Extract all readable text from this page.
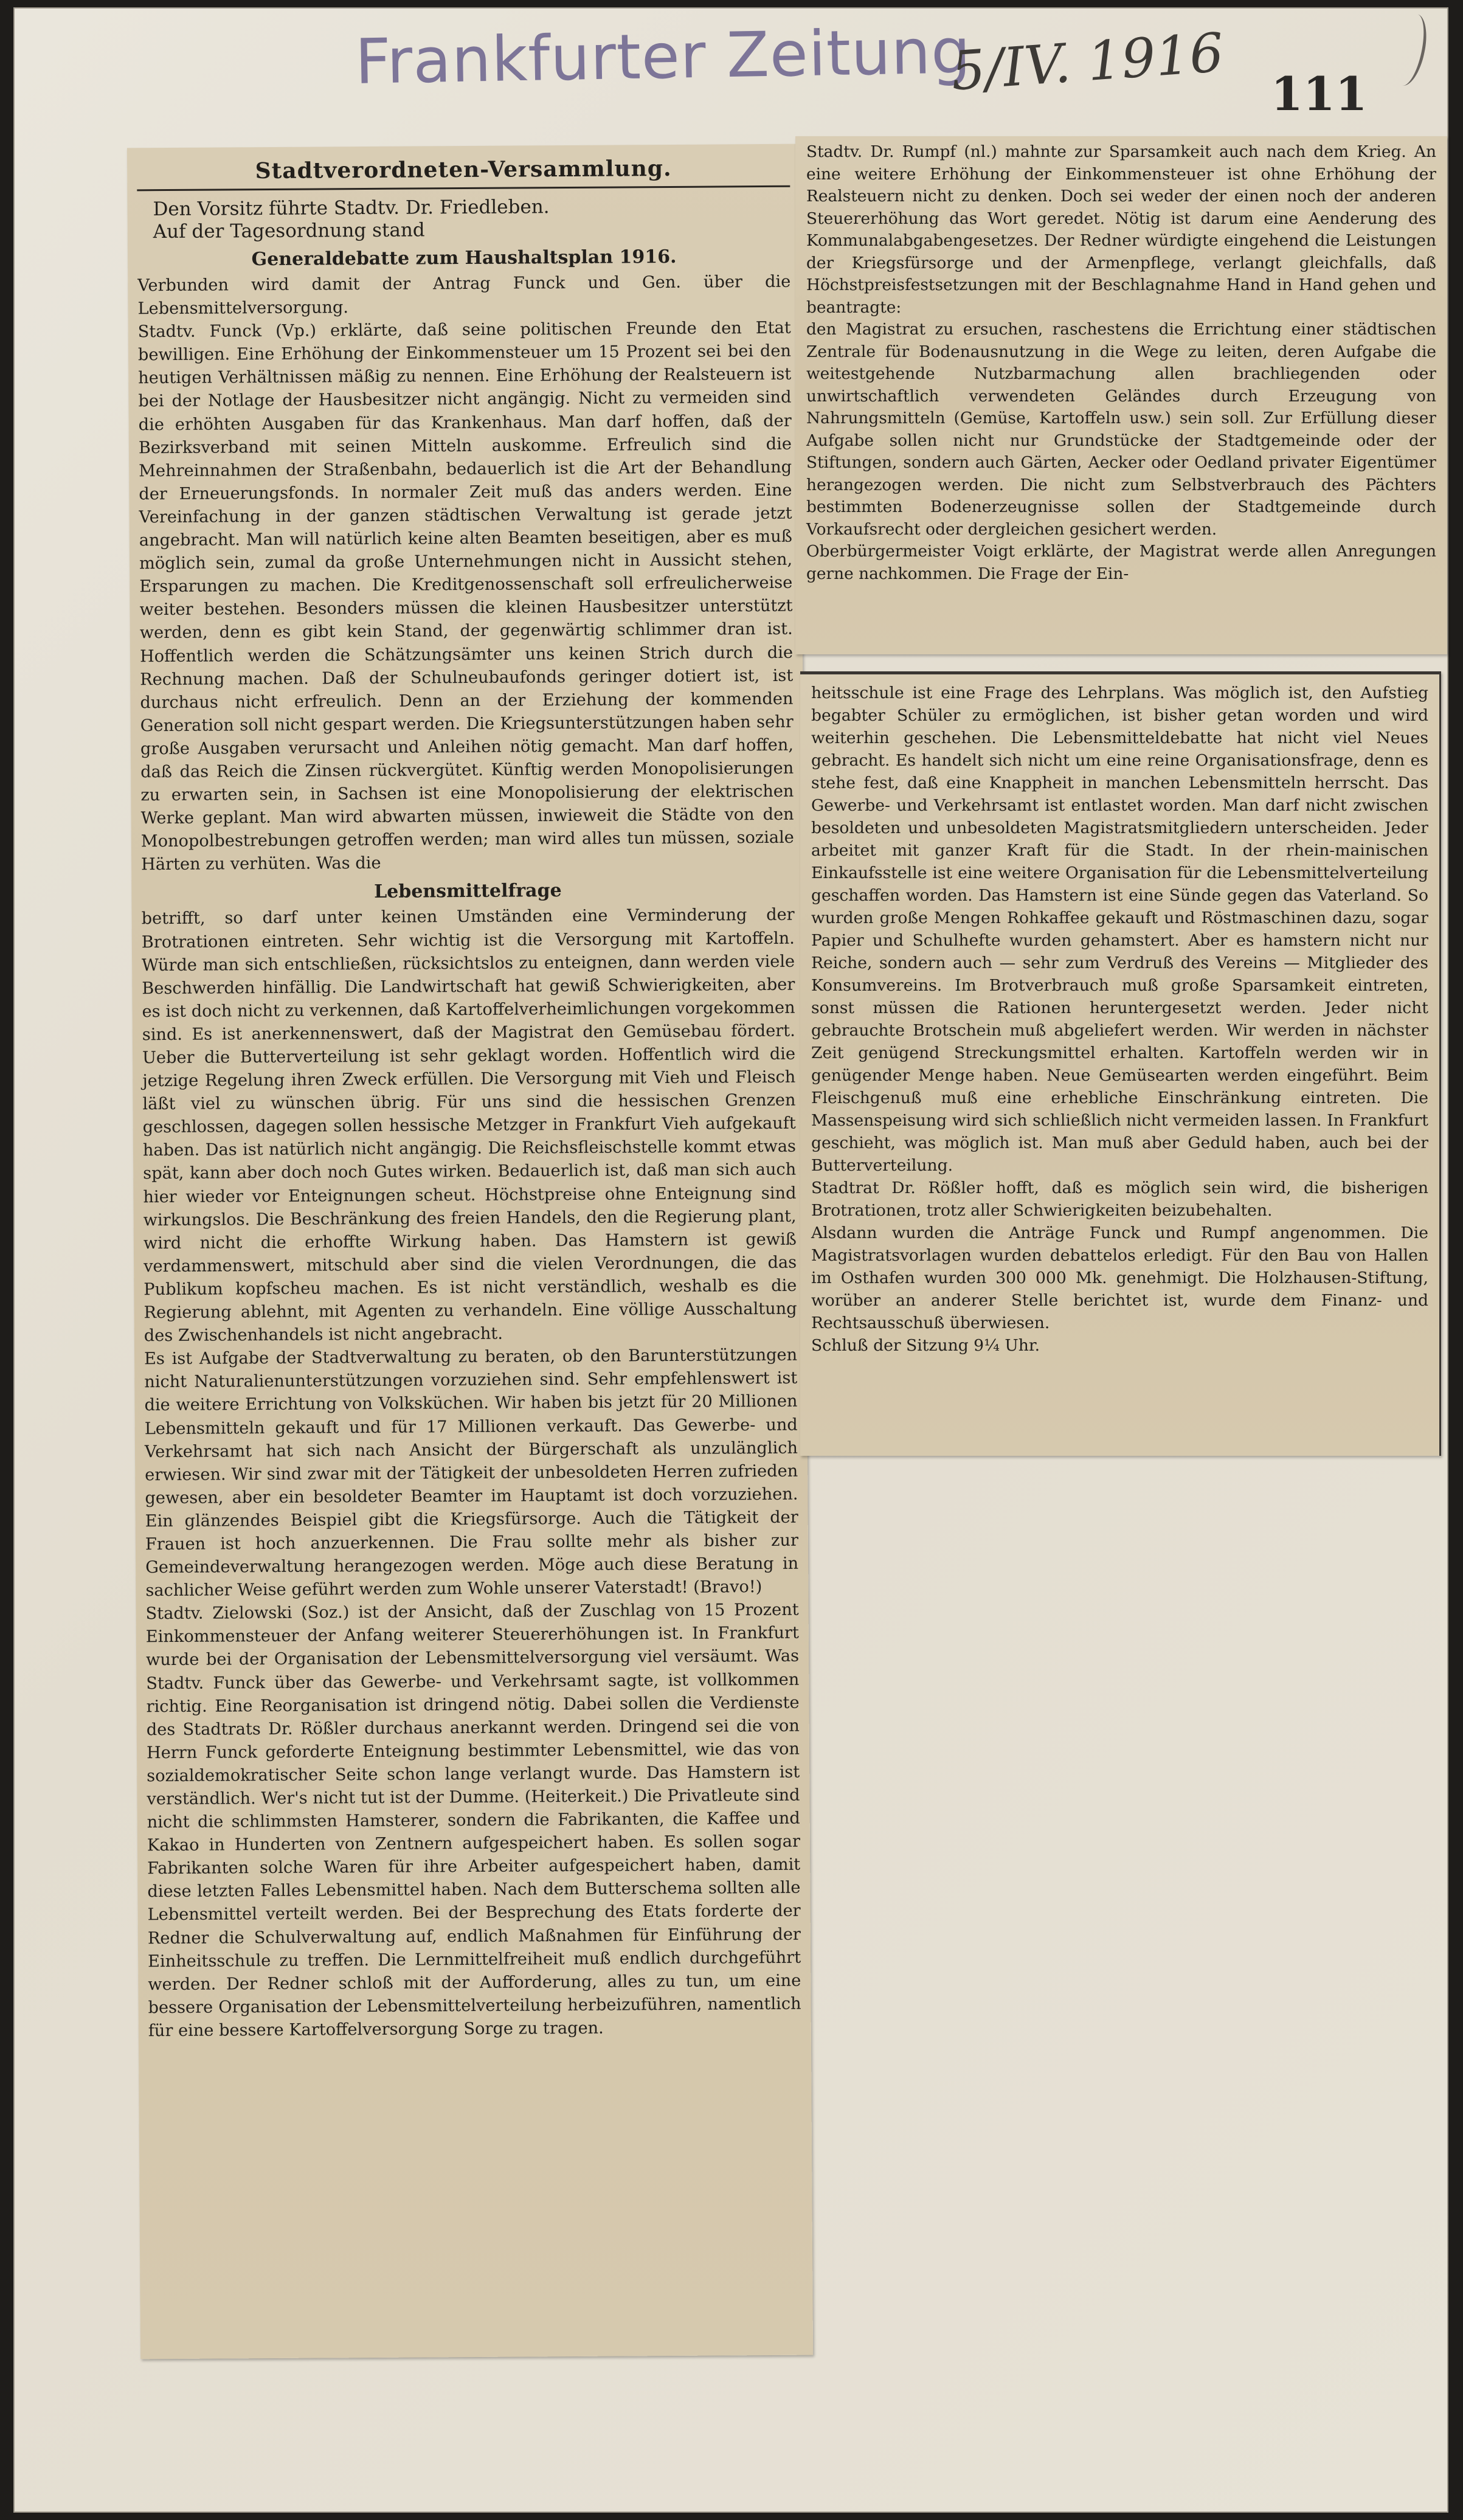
Frankfurter Zeitung
5/IV. 1916 111
Stadtverordneten-Versammlung.

Den Vorsitz führte Stadtv. Dr. Friedleben.

Auf der Tagesordnung stand

Generaldebatte zum Haushaltsplan 1916.

Verbunden wird damit der Antrag Funck und Gen. über die Lebensmittelversorgung.
Stadtv. Funck (Vp.) erklärte, daß seine politischen Freunde den Etat bewilligen. Eine Erhöhung der Einkommensteuer um 15 Prozent sei bei den heutigen Verhältnissen mäßig zu nennen. Eine Erhöhung der Realsteuern ist bei der Notlage der Hausbesitzer nicht angängig. Nicht zu vermeiden sind die erhöhten Ausgaben für das Krankenhaus. Man darf hoffen, daß der Bezirksverband mit seinen Mitteln auskomme. Erfreulich sind die Mehreinnahmen der Straßenbahn, bedauerlich ist die Art der Behandlung der Erneuerungsfonds. In normaler Zeit muß das anders werden. Eine Vereinfachung in der ganzen städtischen Verwaltung ist gerade jetzt angebracht. Man will natürlich keine alten Beamten beseitigen, aber es muß möglich sein, zumal da große Unternehmungen nicht in Aussicht stehen, Ersparungen zu machen. Die Kreditgenossenschaft soll erfreulicherweise weiter bestehen. Besonders müssen die kleinen Hausbesitzer unterstützt werden, denn es gibt kein Stand, der gegenwärtig schlimmer dran ist. Hoffentlich werden die Schätzungsämter uns keinen Strich durch die Rechnung machen. Daß der Schulneubaufonds geringer dotiert ist, ist durchaus nicht erfreulich. Denn an der Erziehung der kommenden Generation soll nicht gespart werden. Die Kriegsunterstützungen haben sehr große Ausgaben verursacht und Anleihen nötig gemacht. Man darf hoffen, daß das Reich die Zinsen rückvergütet. Künftig werden Monopolisierungen zu erwarten sein, in Sachsen ist eine Monopolisierung der elektrischen Werke geplant. Man wird abwarten müssen, inwieweit die Städte von den Monopolbestrebungen getroffen werden; man wird alles tun müssen, soziale Härten zu verhüten. Was die

Lebensmittelfrage

betrifft, so darf unter keinen Umständen eine Verminderung der Brotrationen eintreten. Sehr wichtig ist die Versorgung mit Kartoffeln. Würde man sich entschließen, rücksichtslos zu enteignen, dann werden viele Beschwerden hinfällig. Die Landwirtschaft hat gewiß Schwierigkeiten, aber es ist doch nicht zu verkennen, daß Kartoffelverheimlichungen vorgekommen sind. Es ist anerkennenswert, daß der Magistrat den Gemüsebau fördert. Ueber die Butterverteilung ist sehr geklagt worden. Hoffentlich wird die jetzige Regelung ihren Zweck erfüllen. Die Versorgung mit Vieh und Fleisch läßt viel zu wünschen übrig. Für uns sind die hessischen Grenzen geschlossen, dagegen sollen hessische Metzger in Frankfurt Vieh aufgekauft haben. Das ist natürlich nicht angängig. Die Reichsfleischstelle kommt etwas spät, kann aber doch noch Gutes wirken. Bedauerlich ist, daß man sich auch hier wieder vor Enteignungen scheut. Höchstpreise ohne Enteignung sind wirkungslos. Die Beschränkung des freien Handels, den die Regierung plant, wird nicht die erhoffte Wirkung haben. Das Hamstern ist gewiß verdammenswert, mitschuld aber sind die vielen Verordnungen, die das Publikum kopfscheu machen. Es ist nicht verständlich, weshalb es die Regierung ablehnt, mit Agenten zu verhandeln. Eine völlige Ausschaltung des Zwischenhandels ist nicht angebracht.
Es ist Aufgabe der Stadtverwaltung zu beraten, ob den Barunterstützungen nicht Naturalienunterstützungen vorzuziehen sind. Sehr empfehlenswert ist die weitere Errichtung von Volksküchen. Wir haben bis jetzt für 20 Millionen Lebensmitteln gekauft und für 17 Millionen verkauft. Das Gewerbe- und Verkehrsamt hat sich nach Ansicht der Bürgerschaft als unzulänglich erwiesen. Wir sind zwar mit der Tätigkeit der unbesoldeten Herren zufrieden gewesen, aber ein besoldeter Beamter im Hauptamt ist doch vorzuziehen. Ein glänzendes Beispiel gibt die Kriegsfürsorge. Auch die Tätigkeit der Frauen ist hoch anzuerkennen. Die Frau sollte mehr als bisher zur Gemeindeverwaltung herangezogen werden. Möge auch diese Beratung in sachlicher Weise geführt werden zum Wohle unserer Vaterstadt! (Bravo!)
Stadtv. Zielowski (Soz.) ist der Ansicht, daß der Zuschlag von 15 Prozent Einkommensteuer der Anfang weiterer Steuererhöhungen ist. In Frankfurt wurde bei der Organisation der Lebensmittelversorgung viel versäumt. Was Stadtv. Funck über das Gewerbe- und Verkehrsamt sagte, ist vollkommen richtig. Eine Reorganisation ist dringend nötig. Dabei sollen die Verdienste des Stadtrats Dr. Rößler durchaus anerkannt werden. Dringend sei die von Herrn Funck geforderte Enteignung bestimmter Lebensmittel, wie das von sozialdemokratischer Seite schon lange verlangt wurde. Das Hamstern ist verständlich. Wer's nicht tut ist der Dumme. (Heiterkeit.) Die Privatleute sind nicht die schlimmsten Hamsterer, sondern die Fabrikanten, die Kaffee und Kakao in Hunderten von Zentnern aufgespeichert haben. Es sollen sogar Fabrikanten solche Waren für ihre Arbeiter aufgespeichert haben, damit diese letzten Falles Lebensmittel haben. Nach dem Butterschema sollten alle Lebensmittel verteilt werden. Bei der Besprechung des Etats forderte der Redner die Schulverwaltung auf, endlich Maßnahmen für Einführung der Einheitsschule zu treffen. Die Lernmittelfreiheit muß endlich durchgeführt werden. Der Redner schloß mit der Aufforderung, alles zu tun, um eine bessere Organisation der Lebensmittelverteilung herbeizuführen, namentlich für eine bessere Kartoffelversorgung Sorge zu tragen.

Stadtv. Dr. Rumpf (nl.) mahnte zur Sparsamkeit auch nach dem Krieg. An eine weitere Erhöhung der Einkommensteuer ist ohne Erhöhung der Realsteuern nicht zu denken. Doch sei weder der einen noch der anderen Steuererhöhung das Wort geredet. Nötig ist darum eine Aenderung des Kommunalabgabengesetzes. Der Redner würdigte eingehend die Leistungen der Kriegsfürsorge und der Armenpflege, verlangt gleichfalls, daß Höchstpreisfestsetzungen mit der Beschlagnahme Hand in Hand gehen und beantragte:
den Magistrat zu ersuchen, raschestens die Errichtung einer städtischen Zentrale für Bodenausnutzung in die Wege zu leiten, deren Aufgabe die weitestgehende Nutzbarmachung allen brachliegenden oder unwirtschaftlich verwendeten Geländes durch Erzeugung von Nahrungsmitteln (Gemüse, Kartoffeln usw.) sein soll. Zur Erfüllung dieser Aufgabe sollen nicht nur Grundstücke der Stadtgemeinde oder der Stiftungen, sondern auch Gärten, Aecker oder Oedland privater Eigentümer herangezogen werden. Die nicht zum Selbstverbrauch des Pächters bestimmten Bodenerzeugnisse sollen der Stadtgemeinde durch Vorkaufsrecht oder dergleichen gesichert werden.
Oberbürgermeister Voigt erklärte, der Magistrat werde allen Anregungen gerne nachkommen. Die Frage der Ein-

heitsschule ist eine Frage des Lehrplans. Was möglich ist, den Aufstieg begabter Schüler zu ermöglichen, ist bisher getan worden und wird weiterhin geschehen. Die Lebensmitteldebatte hat nicht viel Neues gebracht. Es handelt sich nicht um eine reine Organisationsfrage, denn es stehe fest, daß eine Knappheit in manchen Lebensmitteln herrscht. Das Gewerbe- und Verkehrsamt ist entlastet worden. Man darf nicht zwischen besoldeten und unbesoldeten Magistratsmitgliedern unterscheiden. Jeder arbeitet mit ganzer Kraft für die Stadt. In der rhein-mainischen Einkaufsstelle ist eine weitere Organisation für die Lebensmittelverteilung geschaffen worden. Das Hamstern ist eine Sünde gegen das Vaterland. So wurden große Mengen Rohkaffee gekauft und Röstmaschinen dazu, sogar Papier und Schulhefte wurden gehamstert. Aber es hamstern nicht nur Reiche, sondern auch — sehr zum Verdruß des Vereins — Mitglieder des Konsumvereins. Im Brotverbrauch muß große Sparsamkeit eintreten, sonst müssen die Rationen heruntergesetzt werden. Jeder nicht gebrauchte Brotschein muß abgeliefert werden. Wir werden in nächster Zeit genügend Streckungsmittel erhalten. Kartoffeln werden wir in genügender Menge haben. Neue Gemüsearten werden eingeführt. Beim Fleischgenuß muß eine erhebliche Einschränkung eintreten. Die Massenspeisung wird sich schließlich nicht vermeiden lassen. In Frankfurt geschieht, was möglich ist. Man muß aber Geduld haben, auch bei der Butterverteilung.
Stadtrat Dr. Rößler hofft, daß es möglich sein wird, die bisherigen Brotrationen, trotz aller Schwierigkeiten beizubehalten.
Alsdann wurden die Anträge Funck und Rumpf angenommen. Die Magistratsvorlagen wurden debattelos erledigt. Für den Bau von Hallen im Osthafen wurden 300 000 Mk. genehmigt. Die Holzhausen-Stiftung, worüber an anderer Stelle berichtet ist, wurde dem Finanz- und Rechtsausschuß überwiesen.
Schluß der Sitzung 9¼ Uhr.
